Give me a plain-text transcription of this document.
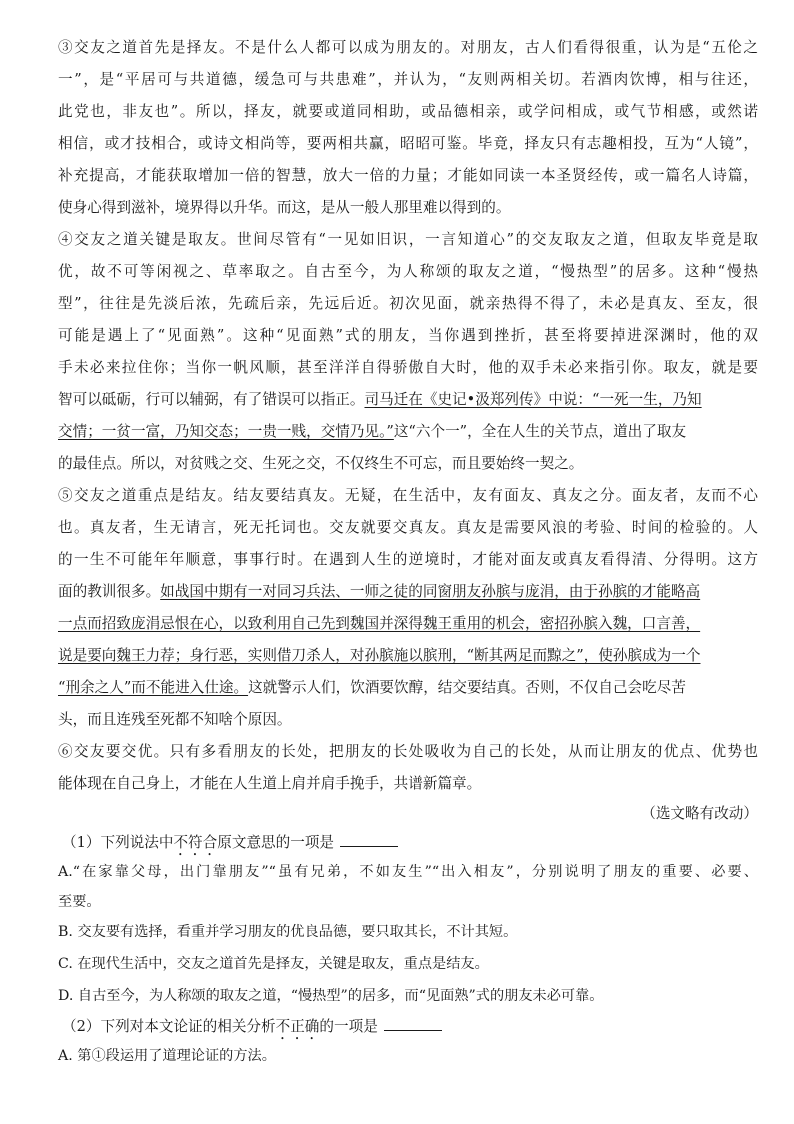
③交友之道首先是择友。不是什么人都可以成为朋友的。对朋友，古人们看得很重，认为是“五伦之
一”，是“平居可与共道德，缓急可与共患难”，并认为，“友则两相关切。若酒肉饮博，相与往还，
此党也，非友也”。所以，择友，就要或道同相助，或品德相亲，或学问相成，或气节相感，或然诺
相信，或才技相合，或诗文相尚等，要两相共赢，昭昭可鉴。毕竟，择友只有志趣相投，互为“人镜”，
补充提高，才能获取增加一倍的智慧，放大一倍的力量；才能如同读一本圣贤经传，或一篇名人诗篇，
使身心得到滋补，境界得以升华。而这，是从一般人那里难以得到的。
④交友之道关键是取友。世间尽管有“一见如旧识，一言知道心”的交友取友之道，但取友毕竟是取
优，故不可等闲视之、草率取之。自古至今，为人称颂的取友之道，“慢热型”的居多。这种“慢热
型”，往往是先淡后浓，先疏后亲，先远后近。初次见面，就亲热得不得了，未必是真友、至友，很
可能是遇上了“见面熟”。这种“见面熟”式的朋友，当你遇到挫折，甚至将要掉进深渊时，他的双
手未必来拉住你；当你一帆风顺，甚至洋洋自得骄傲自大时，他的双手未必来指引你。取友，就是要
智可以砥砺，行可以辅弼，有了错误可以指正。司马迁在《史记•汲郑列传》中说：“一死一生，乃知
交情；一贫一富，乃知交态；一贵一贱，交情乃见。”这“六个一”，全在人生的关节点，道出了取友
的最佳点。所以，对贫贱之交、生死之交，不仅终生不可忘，而且要始终一契之。
⑤交友之道重点是结友。结友要结真友。无疑，在生活中，友有面友、真友之分。面友者，友而不心
也。真友者，生无请言，死无托词也。交友就要交真友。真友是需要风浪的考验、时间的检验的。人
的一生不可能年年顺意，事事行时。在遇到人生的逆境时，才能对面友或真友看得清、分得明。这方
面的教训很多。如战国中期有一对同习兵法、一师之徒的同窗朋友孙膑与庞涓，由于孙膑的才能略高
一点而招致庞涓忌恨在心，以致利用自己先到魏国并深得魏王重用的机会，密招孙膑入魏，口言善，
说是要向魏王力荐；身行恶，实则借刀杀人，对孙膑施以膑刑，“断其两足而黥之”，使孙膑成为一个
“刑余之人”而不能进入仕途。这就警示人们，饮酒要饮醇，结交要结真。否则，不仅自己会吃尽苦
头，而且连残至死都不知啥个原因。
⑥交友要交优。只有多看朋友的长处，把朋友的长处吸收为自己的长处，从而让朋友的优点、优势也
能体现在自己身上，才能在人生道上肩并肩手挽手，共谱新篇章。
（选文略有改动）
（1）下列说法中不符合原文意思的一项是
A.“在家靠父母，出门靠朋友”“虽有兄弟，不如友生”“出入相友”，分别说明了朋友的重要、必要、
至要。
B. 交友要有选择，看重并学习朋友的优良品德，要只取其长，不计其短。
C. 在现代生活中，交友之道首先是择友，关键是取友，重点是结友。
D. 自古至今，为人称颂的取友之道，“慢热型”的居多，而“见面熟”式的朋友未必可靠。
（2）下列对本文论证的相关分析不正确的一项是
A. 第①段运用了道理论证的方法。
